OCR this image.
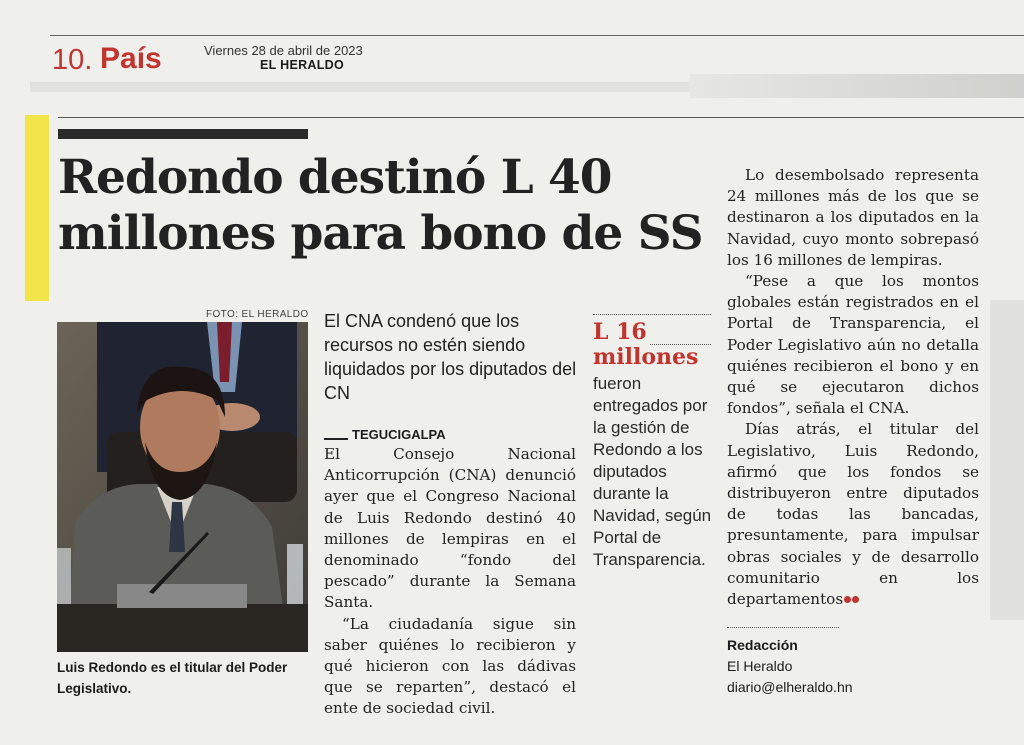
10. País	Viernes 28 de abril de 2023
EL HERALDO
Redondo destinó L 40 millones para bono de SS
FOTO: EL HERALDO
Luis Redondo es el titular del Poder Legislativo.
El CNA condenó que los recursos no estén siendo liquidados por los diputados del CN
TEGUCIGALPA

El Consejo Nacional Anticorrupción (CNA) denunció ayer que el Congreso Nacional de Luis Redondo destinó 40 millones de lempiras en el denominado “fondo del pescado” durante la Semana Santa.

“La ciudadanía sigue sin saber quiénes lo recibieron y qué hicieron con las dádivas que se reparten”, destacó el ente de sociedad civil.

L 16
millones
fueron entregados por la gestión de Redondo a los diputados durante la Navidad, según Portal de Transparencia.

Lo desembolsado representa 24 millones más de los que se destinaron a los diputados en la Navidad, cuyo monto sobrepasó los 16 millones de lempiras.

“Pese a que los montos globales están registrados en el Portal de Transparencia, el Poder Legislativo aún no detalla quiénes recibieron el bono y en qué se ejecutaron dichos fondos”, señala el CNA.

Días atrás, el titular del Legislativo, Luis Redondo, afirmó que los fondos se distribuyeron entre diputados de todas las bancadas, presuntamente, para impulsar obras sociales y de desarrollo comunitario en los departamentos

Redacción
El Heraldo
diario@elheraldo.hn
